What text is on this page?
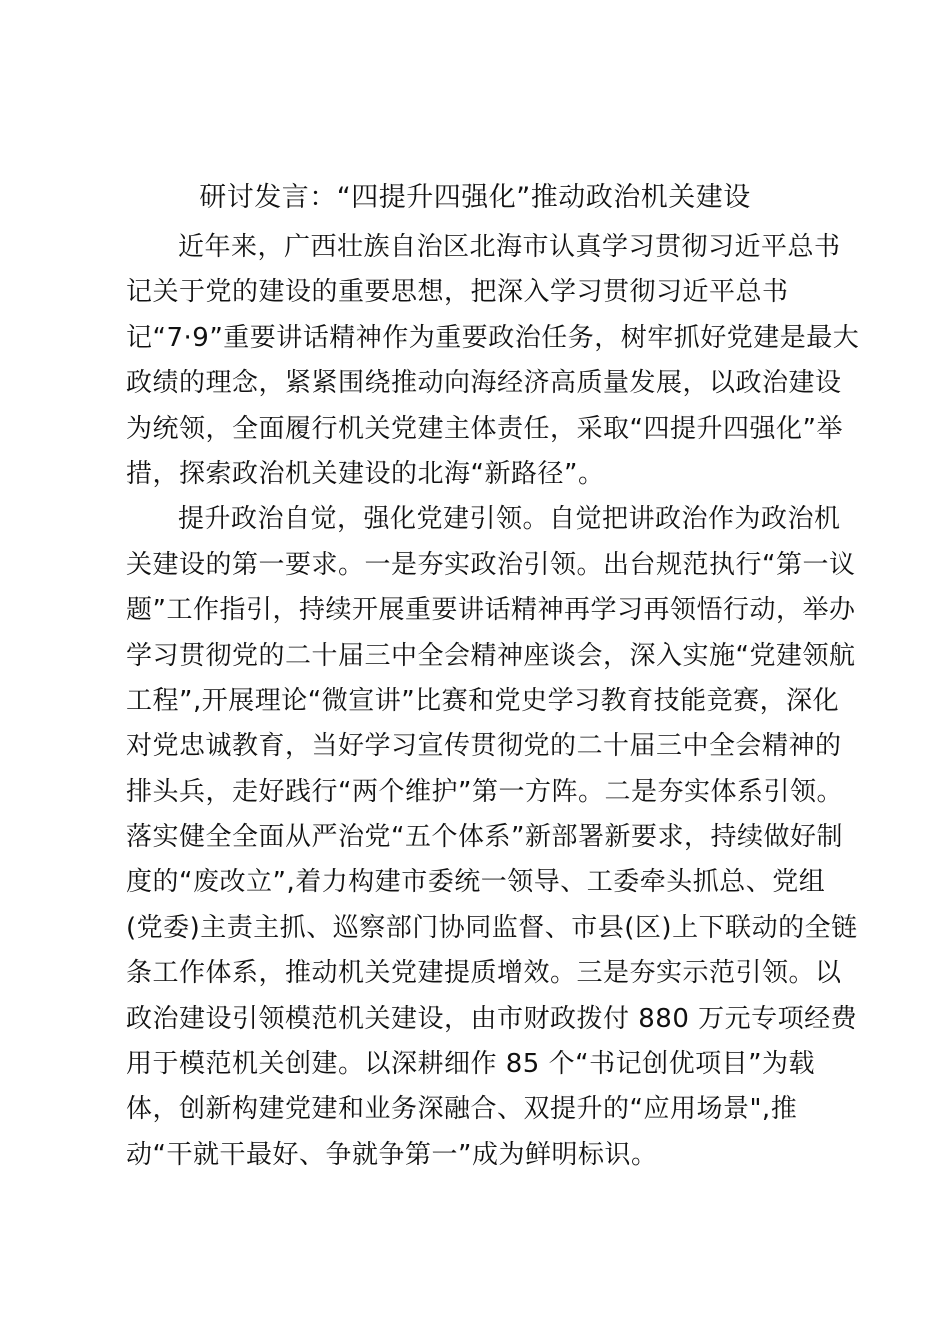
研讨发言：“四提升四强化”推动政治机关建设
近年来，广西壮族自治区北海市认真学习贯彻习近平总书
记关于党的建设的重要思想，把深入学习贯彻习近平总书
记“7·9”重要讲话精神作为重要政治任务，树牢抓好党建是最大
政绩的理念，紧紧围绕推动向海经济高质量发展，以政治建设
为统领，全面履行机关党建主体责任，采取“四提升四强化”举
措，探索政治机关建设的北海“新路径”。
提升政治自觉，强化党建引领。自觉把讲政治作为政治机
关建设的第一要求。一是夯实政治引领。出台规范执行“第一议
题”工作指引，持续开展重要讲话精神再学习再领悟行动，举办
学习贯彻党的二十届三中全会精神座谈会，深入实施“党建领航
工程”,开展理论“微宣讲”比赛和党史学习教育技能竞赛，深化
对党忠诚教育，当好学习宣传贯彻党的二十届三中全会精神的
排头兵，走好践行“两个维护”第一方阵。二是夯实体系引领。
落实健全全面从严治党“五个体系”新部署新要求，持续做好制
度的“废改立”,着力构建市委统一领导、工委牵头抓总、党组
(党委)主责主抓、巡察部门协同监督、市县(区)上下联动的全链
条工作体系，推动机关党建提质增效。三是夯实示范引领。以
政治建设引领模范机关建设，由市财政拨付 880 万元专项经费
用于模范机关创建。以深耕细作 85 个“书记创优项目”为载
体，创新构建党建和业务深融合、双提升的“应用场景",推
动“干就干最好、争就争第一”成为鲜明标识。
